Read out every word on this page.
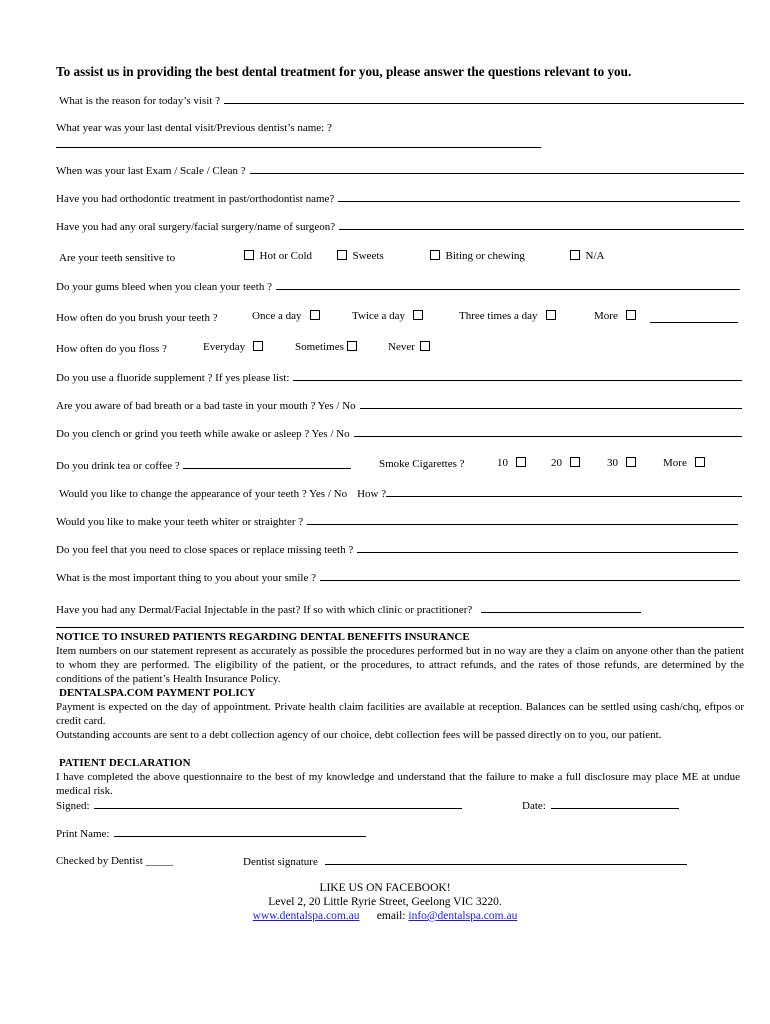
To assist us in providing the best dental treatment for you, please answer the questions relevant to you.
What is the reason for today’s visit ?
What year was your last dental visit/Previous dentist’s name: ?
When was your last Exam / Scale / Clean ?
Have you had orthodontic treatment in past/orthodontist name?
Have you had any oral surgery/facial surgery/name of surgeon?
Are your teeth sensitive to	Hot or Cold	Sweets	Biting or chewing	N/A
Do your gums bleed when you clean your teeth ?
How often do you brush your teeth ?	Once a day	Twice a day	Three times a day	More
How often do you floss ?	Everyday	Sometimes	Never
Do you use a fluoride supplement ? If yes please list:
Are you aware of bad breath or a bad taste in your mouth ? Yes / No
Do you clench or grind you teeth while awake or asleep ? Yes / No
Do you drink tea or coffee ?	Smoke Cigarettes ?	10	20	30	More
Would you like to change the appearance of your teeth ? Yes / No How ?
Would you like to make your teeth whiter or straighter ?
Do you feel that you need to close spaces or replace missing teeth ?
What is the most important thing to you about your smile ?
Have you had any Dermal/Facial Injectable in the past? If so with which clinic or practitioner?
NOTICE TO INSURED PATIENTS REGARDING DENTAL BENEFITS INSURANCE
Item numbers on our statement represent as accurately as possible the procedures performed but in no way are they a claim on anyone other than the patient to whom they are performed. The eligibility of the patient, or the procedures, to attract refunds, and the rates of those refunds, are determined by the conditions of the patient’s Health Insurance Policy.
DENTALSPA.COM PAYMENT POLICY
Payment is expected on the day of appointment. Private health claim facilities are available at reception. Balances can be settled using cash/chq, eftpos or credit card.
Outstanding accounts are sent to a debt collection agency of our choice, debt collection fees will be passed directly on to you, our patient.
PATIENT DECLARATION
I have completed the above questionnaire to the best of my knowledge and understand that the failure to make a full disclosure may place ME at undue medical risk.
Signed:	Date:
Print Name:
Checked by Dentist _____	Dentist signature
LIKE US ON FACEBOOK!
Level 2, 20 Little Ryrie Street, Geelong VIC 3220.
www.dentalspa.com.au email: info@dentalspa.com.au
